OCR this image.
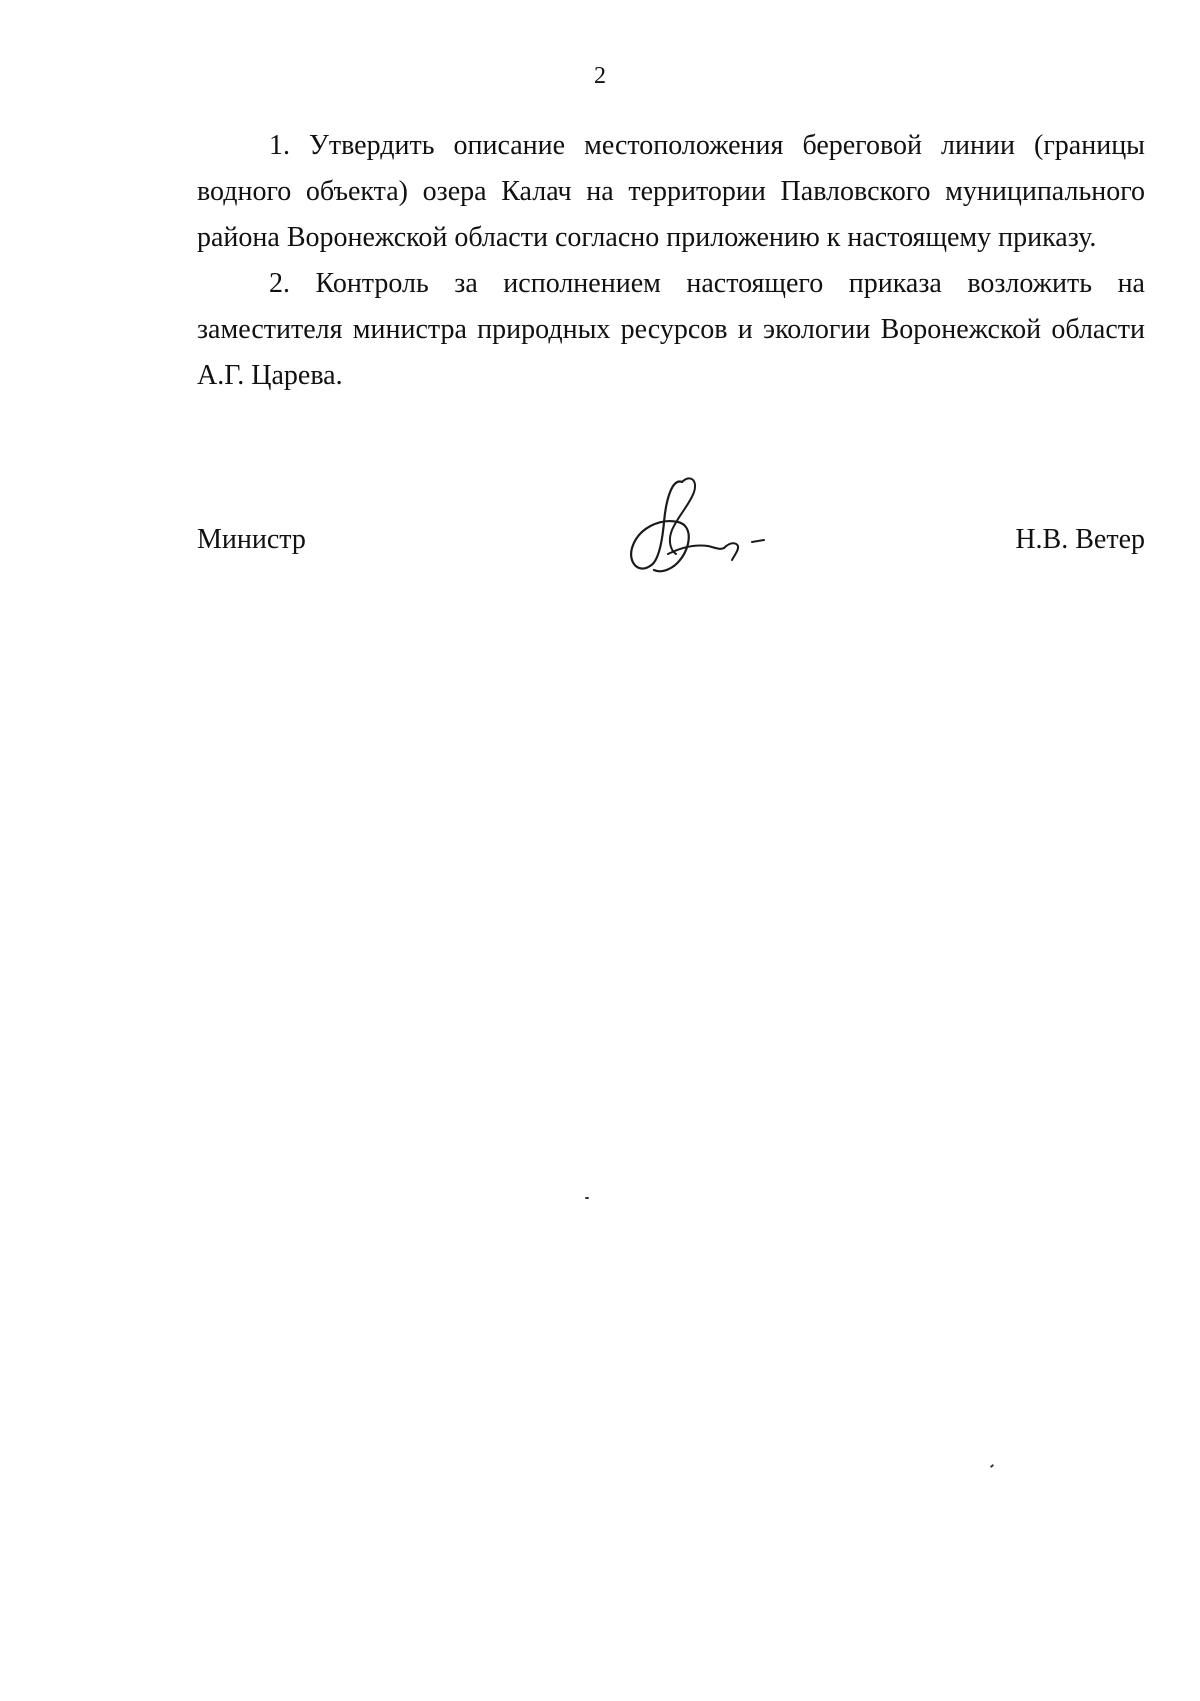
2

1. Утвердить описание местоположения береговой линии (границы водного объекта) озера Калач на территории Павловского муниципального района Воронежской области согласно приложению к настоящему приказу.

2. Контроль за исполнением настоящего приказа возложить на заместителя министра природных ресурсов и экологии Воронежской области А.Г. Царева.

Министр	Н.В. Ветер
